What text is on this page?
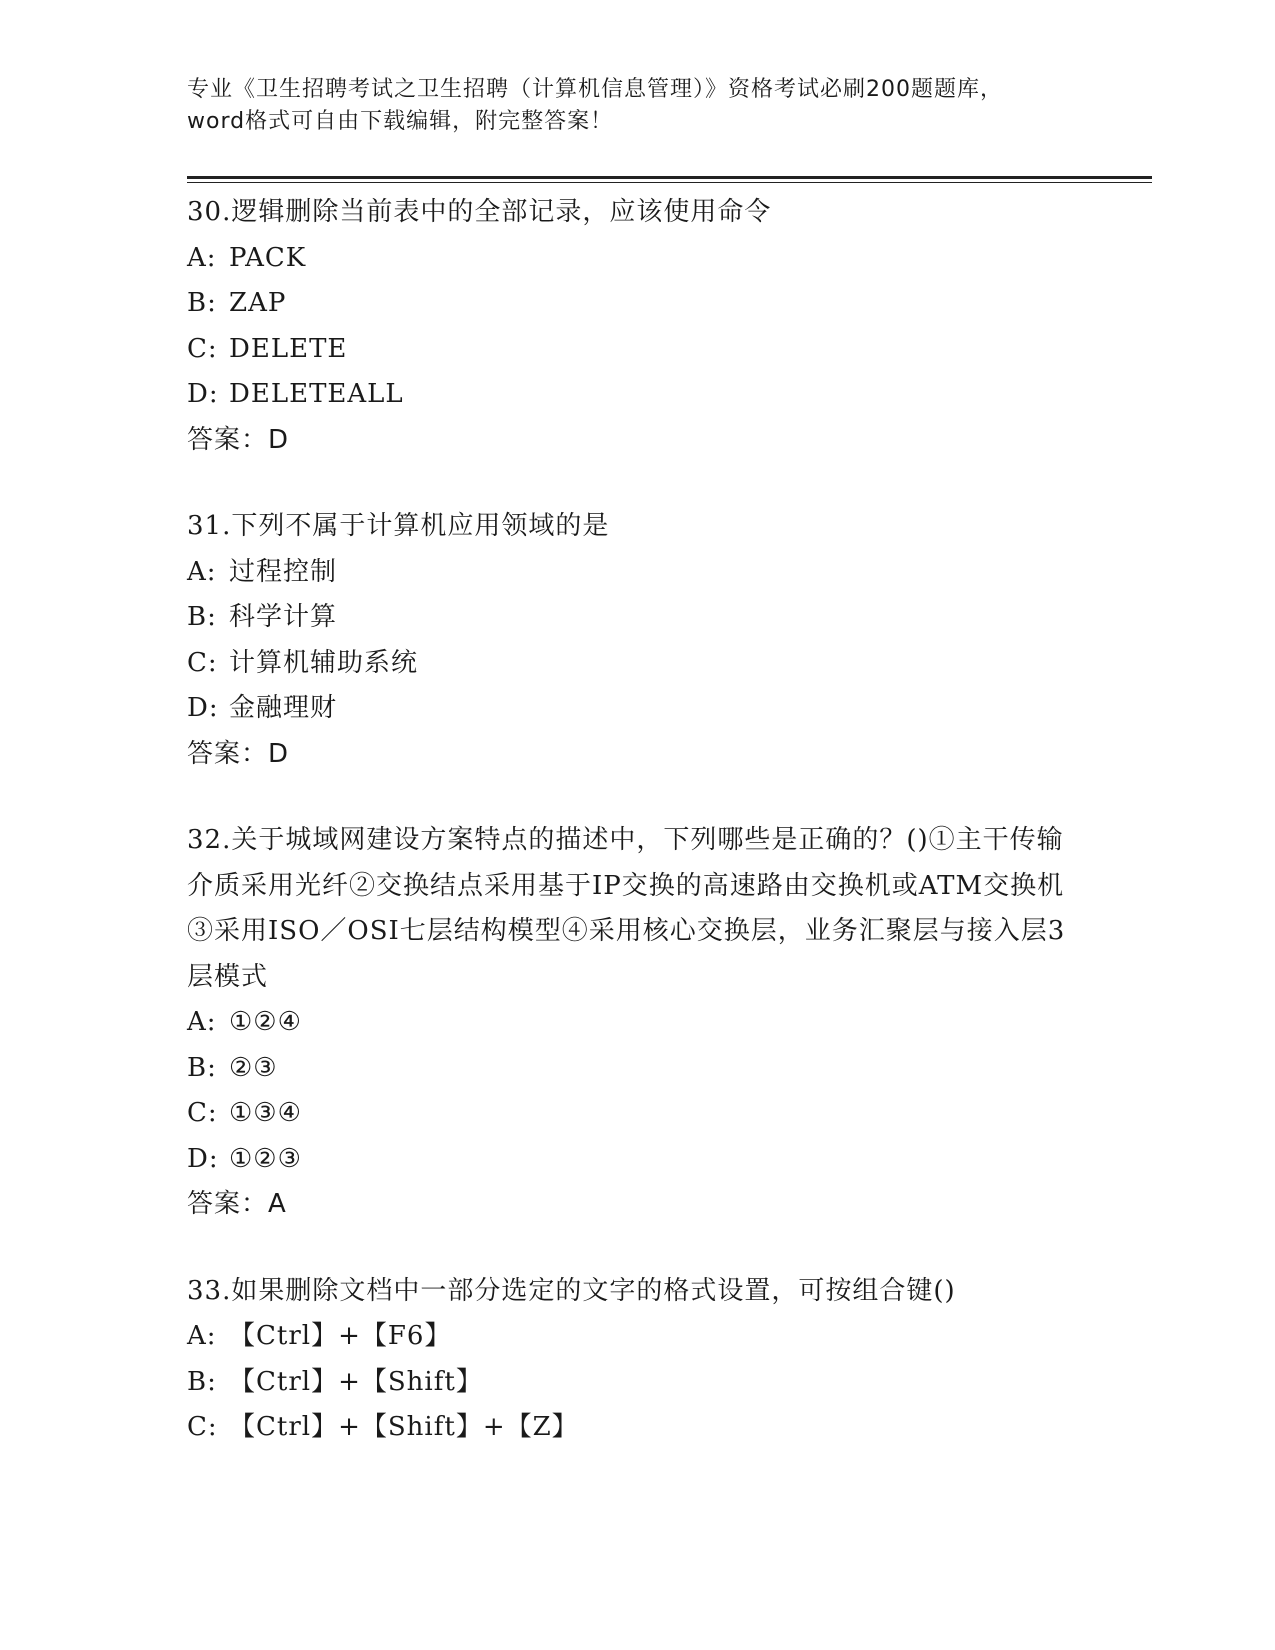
专业《卫生招聘考试之卫生招聘（计算机信息管理）》资格考试必刷200题题库，
word格式可自由下载编辑，附完整答案！
30.逻辑删除当前表中的全部记录，应该使用命令
A: PACK
B: ZAP
C: DELETE
D: DELETEALL
答案：D
31.下列不属于计算机应用领域的是
A: 过程控制
B: 科学计算
C: 计算机辅助系统
D: 金融理财
答案：D
32.关于城域网建设方案特点的描述中，下列哪些是正确的？()①主干传输介质采用光纤②交换结点采用基于IP交换的高速路由交换机或ATM交换机③采用ISO／OSI七层结构模型④采用核心交换层，业务汇聚层与接入层3层模式
A: ①②④
B: ②③
C: ①③④
D: ①②③
答案：A
33.如果删除文档中一部分选定的文字的格式设置，可按组合键()
A: 【Ctrl】+【F6】
B: 【Ctrl】+【Shift】
C: 【Ctrl】+【Shift】+【Z】
